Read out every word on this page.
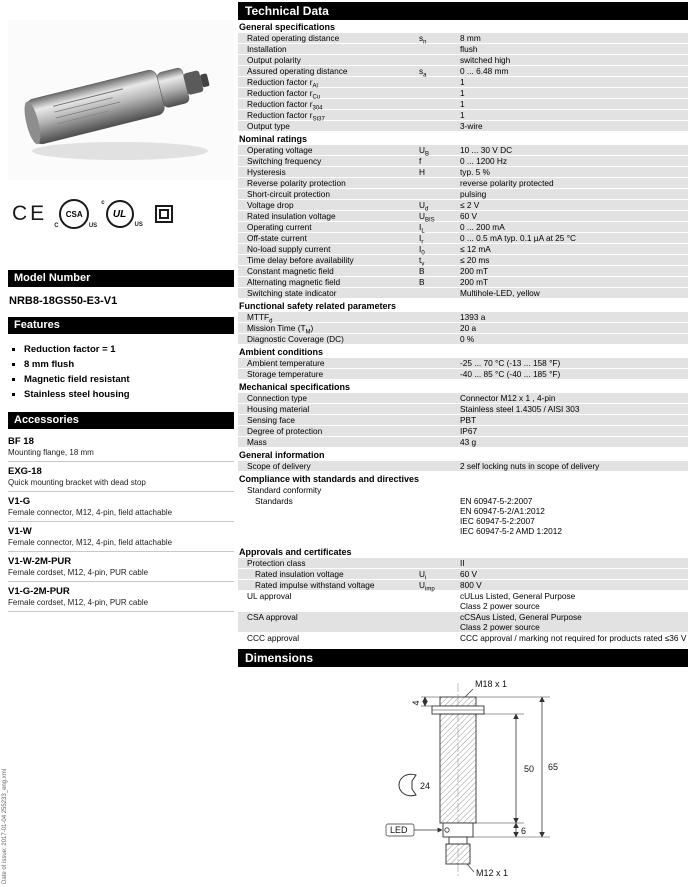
Date of issue: 2017-01-04 255233_eng.xml
CE CSA
C	US
c
UL
US
Model Number
NRB8-18GS50-E3-V1
Features
▪ Reduction factor = 1
▪ 8 mm flush
▪ Magnetic field resistant
▪ Stainless steel housing
Accessories
BF 18
Mounting flange, 18 mm
EXG-18
Quick mounting bracket with dead stop
V1-G
Female connector, M12, 4-pin, field attachable
V1-W
Female connector, M12, 4-pin, field attachable
V1-W-2M-PUR
Female cordset, M12, 4-pin, PUR cable
V1-G-2M-PUR
Female cordset, M12, 4-pin, PUR cable
Technical Data
General specifications
Rated operating distance	$s_n$	8 mm
Installation	flush
Output polarity	switched high
Assured operating distance	$s_a$	0 ... 6.48 mm
Reduction factor $r_{Al}$	1
Reduction factor $r_{Cu}$	1
Reduction factor $r_{304}$	1
Reduction factor $r_{St37}$	1
Output type	3-wire
Nominal ratings
Operating voltage	$U_B$	10 ... 30 V DC
Switching frequency	f	0 ... 1200 Hz
Hysteresis	H	typ. 5 %
Reverse polarity protection	reverse polarity protected
Short-circuit protection	pulsing
Voltage drop	$U_d$	≤ 2 V
Rated insulation voltage	$U_{BIS}$	60 V
Operating current	$I_L$	0 ... 200 mA
Off-state current	$I_r$	0 ... 0.5 mA typ. 0.1 µA at 25 °C
No-load supply current	$I_0$	≤ 12 mA
Time delay before availability	$t_v$	≤ 20 ms
Constant magnetic field	B	200 mT
Alternating magnetic field	B	200 mT
Switching state indicator	Multihole-LED, yellow
Functional safety related parameters
$MTTF_d$	1393 a
Mission Time $(T_M)$	20 a
Diagnostic Coverage (DC)	0 %
Ambient conditions
Ambient temperature	-25 ... 70 °C (-13 ... 158 °F)
Storage temperature	-40 ... 85 °C (-40 ... 185 °F)
Mechanical specifications
Connection type	Connector M12 x 1 , 4-pin
Housing material	Stainless steel 1.4305 / AISI 303
Sensing face	PBT
Degree of protection	IP67
Mass	43 g
General information
Scope of delivery	2 self locking nuts in scope of delivery
Compliance with standards and directives
Standard conformity
Standards	EN 60947-5-2:2007
EN 60947-5-2/A1:2012
IEC 60947-5-2:2007
IEC 60947-5-2 AMD 1:2012
Approvals and certificates
Protection class	II
Rated insulation voltage	$U_i$	60 V
Rated impulse withstand voltage	$U_{imp}$	800 V
UL approval	cULus Listed, General Purpose
Class 2 power source
CSA approval	cCSAus Listed, General Purpose
Class 2 power source
CCC approval	CCC approval / marking not required for products rated ≤36 V
Dimensions
M18 x 1
4
24
50
6
65
LED
M12 x 1
